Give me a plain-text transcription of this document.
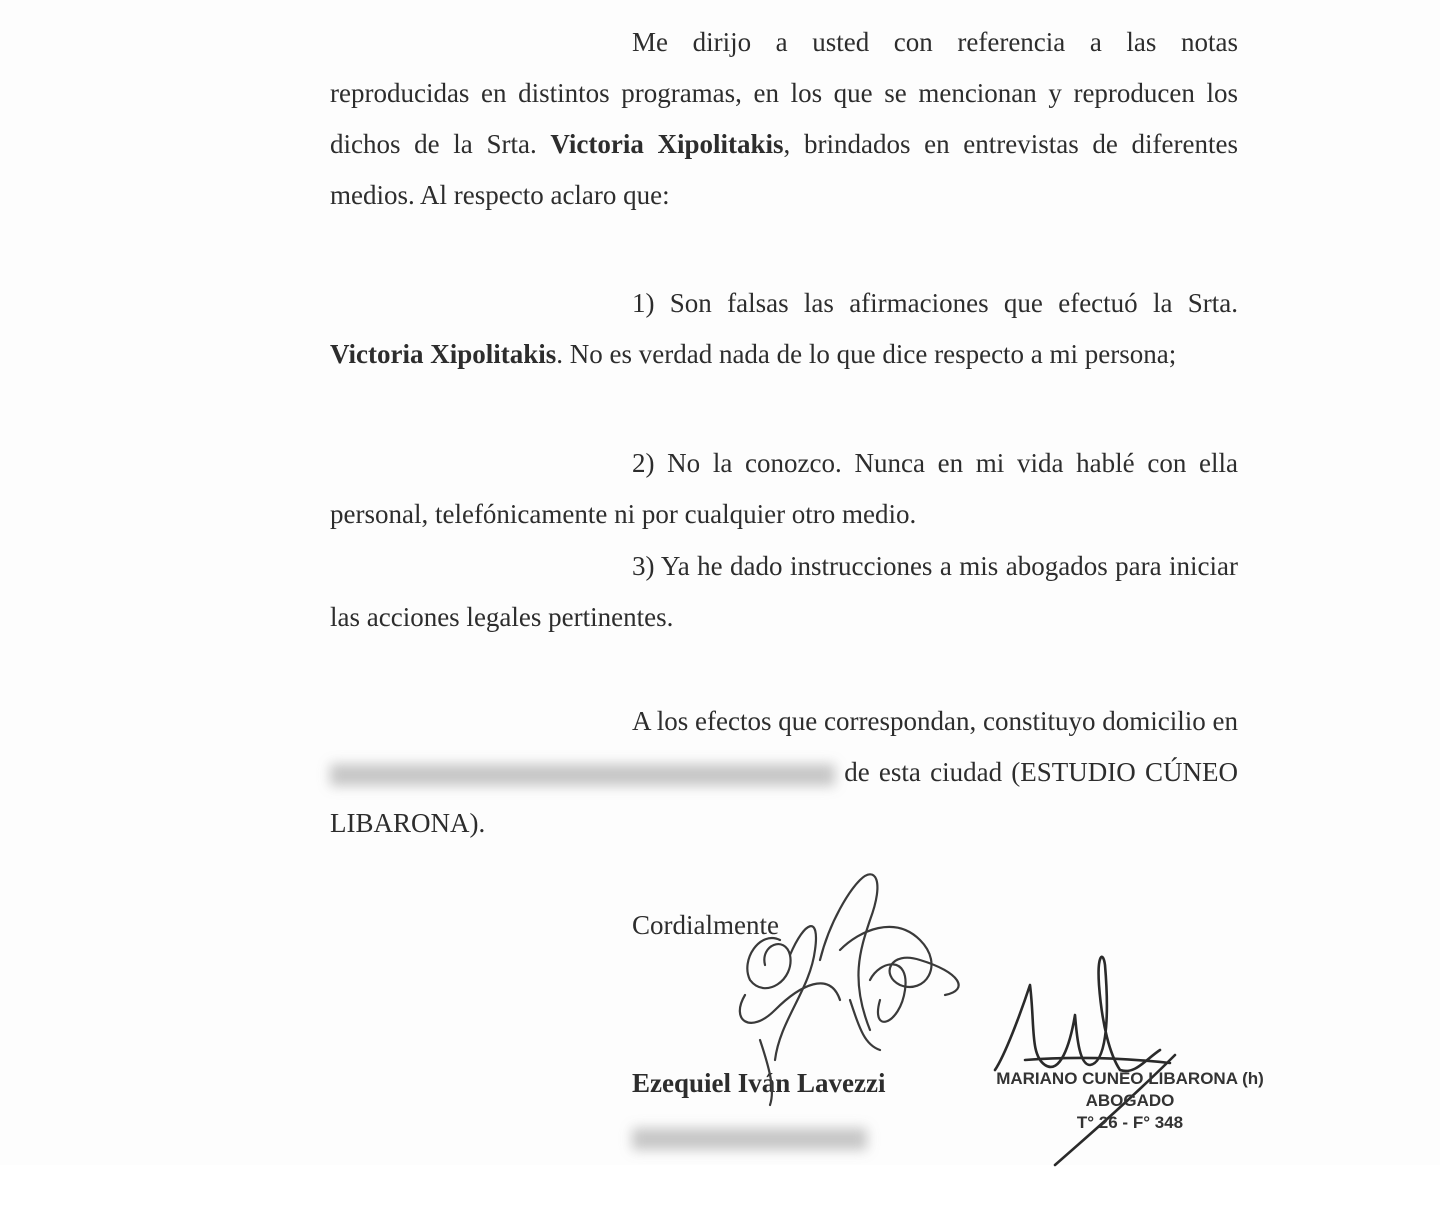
Me dirijo a usted con referencia a las notas reproducidas en distintos programas, en los que se mencionan y reproducen los dichos de la Srta. Victoria Xipolitakis, brindados en entrevistas de diferentes medios. Al respecto aclaro que:

1) Son falsas las afirmaciones que efectuó la Srta. Victoria Xipolitakis. No es verdad nada de lo que dice respecto a mi persona;

2) No la conozco. Nunca en mi vida hablé con ella personal, telefónicamente ni por cualquier otro medio.

3) Ya he dado instrucciones a mis abogados para iniciar las acciones legales pertinentes.

A los efectos que correspondan, constituyo domicilio en  de esta ciudad (ESTUDIO CÚNEO LIBARONA).

Cordialmente
Ezequiel Iván Lavezzi	MARIANO CUNEO LIBARONA (h)
ABOGADO
T° 26 - F° 348
